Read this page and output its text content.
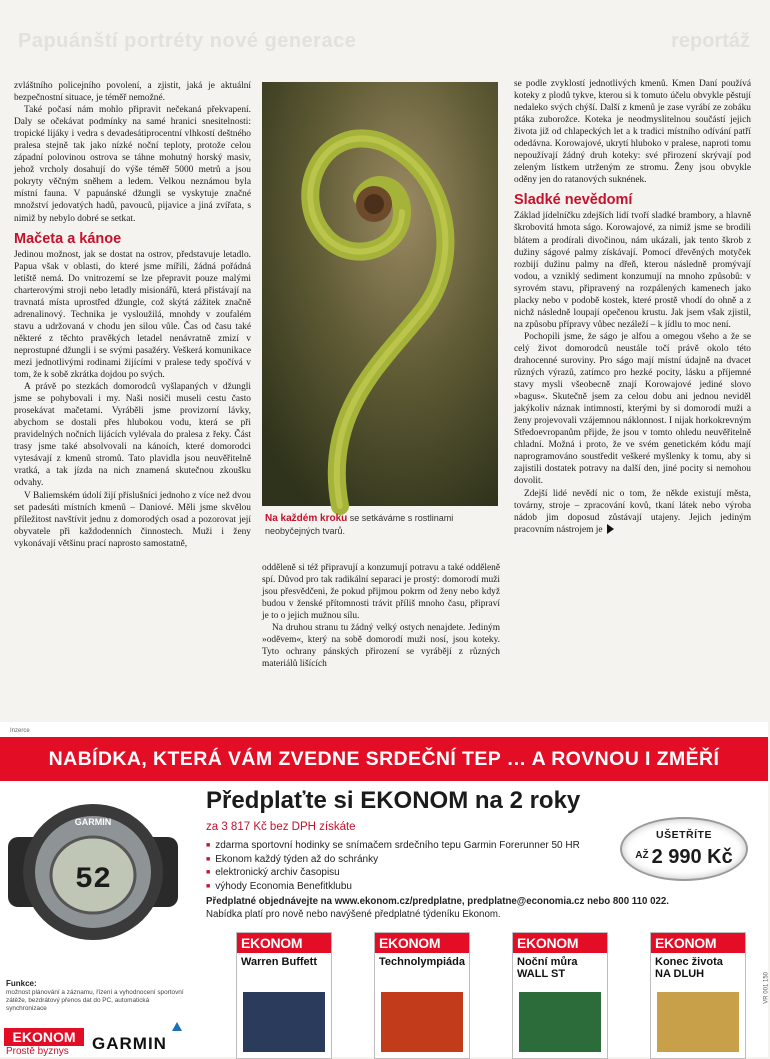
Papuánští portréty nové generace	reportáž

zvláštního policejního povolení, a zjistit, jaká je aktuální bezpečnostní situace, je téměř nemožné.

Také počasí nám mohlo připravit nečekaná překvapení. Daly se očekávat podmínky na samé hranici snesitelnosti: tropické lijáky i vedra s devadesátiprocentní vlhkostí deštného pralesa stejně tak jako nízké noční teploty, protože celou západní polovinou ostrova se táhne mohutný horský masiv, jehož vrcholy dosahují do výše téměř 5000 metrů a jsou pokryty věčným sněhem a ledem. Velkou neznámou byla místní fauna. V papuánské džungli se vyskytuje značné množství jedovatých hadů, pavouců, pijavice a jiná zvířata, s nimiž by nebylo dobré se setkat.

Mačeta a kánoe

Jedinou možnost, jak se dostat na ostrov, představuje letadlo. Papua však v oblasti, do které jsme mířili, žádná pořádná letiště nemá. Do vnitrozemí se lze přepravit pouze malými charterovými stroji nebo letadly misionářů, která přistávají na travnatá místa uprostřed džungle, což skýtá zážitek značně adrenalinový. Technika je vysloužilá, mnohdy v zoufalém stavu a udržovaná v chodu jen silou vůle. Čas od času také některé z těchto pravěkých letadel nenávratně zmizí v neprostupné džungli i se svými pasažéry. Veškerá komunikace mezi jednotlivými rodinami žijícími v pralese tedy spočívá v tom, že k sobě zkrátka dojdou po svých.

A právě po stezkách domorodců vyšlapaných v džungli jsme se pohybovali i my. Naši nosiči museli cestu často prosekávat mačetami. Vyráběli jsme provizorní lávky, abychom se dostali přes hlubokou vodu, která se při pravidelných nočních lijácích vylévala do pralesa z řeky. Část trasy jsme také absolvovali na kánoích, které domorodci vytesávají z kmenů stromů. Tato plavidla jsou neuvěřitelně vratká, a tak jízda na nich znamená skutečnou zkoušku odvahy.

V Baliemském údolí žijí příslušníci jednoho z více než dvou set padesáti místních kmenů – Daniové. Měli jsme skvělou příležitost navštívit jednu z domorodých osad a pozorovat její obyvatele při každodenních činnostech. Muži i ženy vykonávají většinu prací naprosto samostatně,

Na každém kroku se setkáváme s rostlinami neobyčejných tvarů.

odděleně si též připravují a konzumují potravu a také odděleně spí. Důvod pro tak radikální separaci je prostý: domorodí muži jsou přesvědčeni, že pokud přijmou pokrm od ženy nebo když budou v ženské přítomnosti trávit příliš mnoho času, připraví je to o jejich mužnou sílu.

Na druhou stranu tu žádný velký ostych nenajdete. Jediným »oděvem«, který na sobě domorodí muži nosí, jsou koteky. Tyto ochrany pánských přirození se vyrábějí z různých materiálů lišících

se podle zvyklostí jednotlivých kmenů. Kmen Daní používá koteky z plodů tykve, kterou si k tomuto účelu obvykle pěstují nedaleko svých chýší. Další z kmenů je zase vyrábí ze zobáku ptáka zuborožce. Koteka je neodmyslitelnou součástí jejich života již od chlapeckých let a k tradici místního odívání patří odedávna. Korowajové, ukrytí hluboko v pralese, naproti tomu nepoužívají žádný druh koteky: své přirození skrývají pod zeleným lístkem utrženým ze stromu. Ženy jsou obvykle oděny jen do ratanových suknének.

Sladké nevědomí

Základ jídelníčku zdejších lidí tvoří sladké brambory, a hlavně škrobovitá hmota ságo. Korowajové, za nimiž jsme se brodili blátem a prodírali divočinou, nám ukázali, jak tento škrob z dužiny ságové palmy získávají. Pomocí dřevěných motyček rozbijí dužinu palmy na dřeň, kterou následně promývají vodou, a vzniklý sediment konzumují na mnoho způsobů: v syrovém stavu, připravený na rozpálených kamenech jako placky nebo v podobě kostek, které prostě vhodí do ohně a z nichž následně loupají opečenou krustu. Jak jsem však zjistil, na způsobu přípravy vůbec nezáleží – k jídlu to moc není.

Pochopili jsme, že ságo je alfou a omegou všeho a že se celý život domorodců neustále točí právě okolo této drahocenné suroviny. Pro ságo mají místní údajně na dvacet různých výrazů, zatímco pro hezké pocity, lásku a příjemné stavy mysli všeobecně znají Korowajové jediné slovo »bagus«. Skutečně jsem za celou dobu ani jednou neviděl jakýkoliv náznak intimností, kterými by si domorodí muži a ženy projevovali vzájemnou náklonnost. I nijak horkokrevným Středoevropanům přijde, že jsou v tomto ohledu neuvěřitelně chladní. Možná i proto, že ve svém genetickém kódu mají naprogramováno soustředit veškeré myšlenky k tomu, aby si zajistili dostatek potravy na další den, jiné pocity si nemohou dovolit.

Zdejší lidé nevědí nic o tom, že někde existují města, továrny, stroje – zpracování kovů, tkaní látek nebo výroba nádob jim doposud zůstávají utajeny. Jejich jediným pracovním nástrojem je

Inzerce
NABÍDKA, KTERÁ VÁM ZVEDNE SRDEČNÍ TEP … A ROVNOU I ZMĚŘÍ
GARMIN
52
Předplaťte si EKONOM na 2 roky
za 3 817 Kč bez DPH získáte
■ zdarma sportovní hodinky se snímačem srdečního tepu Garmin Forerunner 50 HR
■ Ekonom každý týden až do schránky
■ elektronický archiv časopisu
■ výhody Economia Benefitklubu
UŠETŘÍTE
$^{AŽ}$ 2 990 Kč
Předplatné objednávejte na www.ekonom.cz/predplatne, predplatne@economia.cz nebo 800 110 022.
Nabídka platí pro nově nebo navýšené předplatné týdeníku Ekonom.
EKONOM
Warren Buffett
EKONOM
Technolympiáda
EKONOM
Noční můra WALL ST
EKONOM
Konec života NA DLUH
Funkce:
možnost plánování a záznamu, řízení a vyhodnocení sportovní zátěže, bezdrátový přenos dat do PC, automatická synchronizace
EKONOM
Prostě byznys GARMIN
VR 001 150
